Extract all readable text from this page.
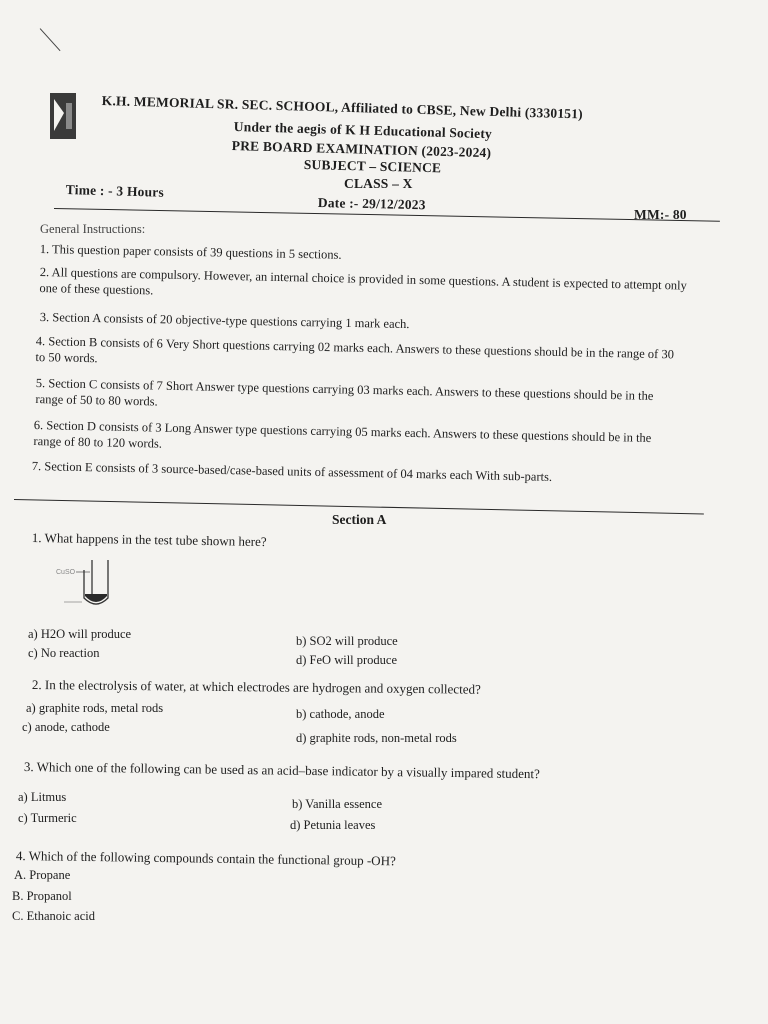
K.H. MEMORIAL SR. SEC. SCHOOL, Affiliated to CBSE, New Delhi (3330151)
Under the aegis of K H Educational Society
PRE BOARD EXAMINATION (2023-2024)
SUBJECT – SCIENCE
CLASS – X
Time : - 3 Hours
Date :- 29/12/2023
MM:- 80
General Instructions:
1. This question paper consists of 39 questions in 5 sections.
2. All questions are compulsory. However, an internal choice is provided in some questions. A student is expected to attempt only one of these questions.
3. Section A consists of 20 objective-type questions carrying 1 mark each.
4. Section B consists of 6 Very Short questions carrying 02 marks each. Answers to these questions should be in the range of 30 to 50 words.
5. Section C consists of 7 Short Answer type questions carrying 03 marks each. Answers to these questions should be in the range of 50 to 80 words.
6. Section D consists of 3 Long Answer type questions carrying 05 marks each. Answers to these questions should be in the range of 80 to 120 words.
7. Section E consists of 3 source-based/case-based units of assessment of 04 marks each With sub-parts.
Section A
1. What happens in the test tube shown here?
CuSO
a) H2O will produce	b) SO2 will produce
c) No reaction	d) FeO will produce
2. In the electrolysis of water, at which electrodes are hydrogen and oxygen collected?
a) graphite rods, metal rods	b) cathode, anode
c) anode, cathode
d) graphite rods, non-metal rods
3. Which one of the following can be used as an acid–base indicator by a visually impared student?
a) Litmus	b) Vanilla essence
c) Turmeric	d) Petunia leaves
4. Which of the following compounds contain the functional group -OH?
A. Propane
B. Propanol
C. Ethanoic acid
